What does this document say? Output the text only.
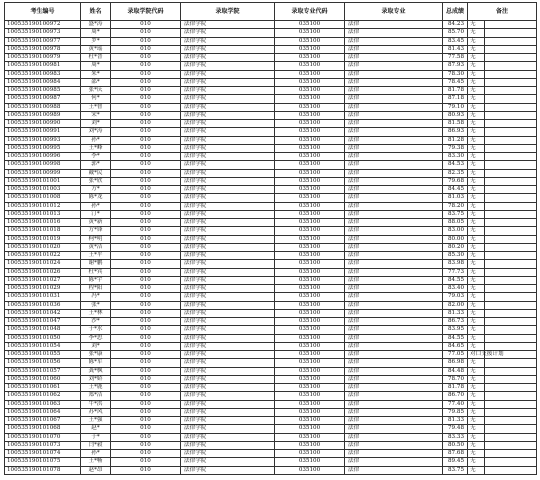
考生编号	姓名	录取学院代码	录取学院	录取专业代码	录取专业	总成绩	备注	
100535190100972	盛*涛	010	法律学院	035100	法律	84.23	无	
100535190100973	周*	010	法律学院	035100	法律	85.70	无	
100535190100977	罗*	010	法律学院	035100	法律	83.45	无	
100535190100978	黄*瑶	010	法律学院	035100	法律	81.43	无	
100535190100979	杜*晋	010	法律学院	035100	法律	77.58	无	
100535190100981	周*	010	法律学院	035100	法律	87.93	无	
100535190100983	朱*	010	法律学院	035100	法律	78.30	无	
100535190100984	邵*	010	法律学院	035100	法律	78.45	无	
100535190100985	张*庆	010	法律学院	035100	法律	81.78	无	
100535190100987	何*	010	法律学院	035100	法律	87.18	无	
100535190100988	王*智	010	法律学院	035100	法律	79.10	无	
100535190100989	宋*	010	法律学院	035100	法律	80.93	无	
100535190100990	刘*	010	法律学院	035100	法律	81.58	无	
100535190100991	刘*涛	010	法律学院	035100	法律	86.93	无	
100535190100993	孙*	010	法律学院	035100	法律	81.28	无	
100535190100995	王*峰	010	法律学院	035100	法律	79.38	无	
100535190100996	李*	010	法律学院	035100	法律	83.30	无	
100535190100998	郭*	010	法律学院	035100	法律	84.53	无	
100535190100999	戴*民	010	法律学院	035100	法律	82.35	无	
100535190101001	张*欣	010	法律学院	035100	法律	79.68	无	
100535190101003	方*	010	法律学院	035100	法律	84.45	无	
100535190101008	陈*龙	010	法律学院	035100	法律	81.03	无	
100535190101012	孙*	010	法律学院	035100	法律	78.20	无	
100535190101013	汀*	010	法律学院	035100	法律	83.75	无	
100535190101016	黄*新	010	法律学院	035100	法律	88.05	无	
100535190101018	方*锋	010	法律学院	035100	法律	83.00	无	
100535190101019	柯*明	010	法律学院	035100	法律	80.00	无	
100535190101020	黄*洁	010	法律学院	035100	法律	80.20	无	
100535190101022	王*平	010	法律学院	035100	法律	85.30	无	
100535190101024	谢*鹏	010	法律学院	035100	法律	83.98	无	
100535190101026	杜*宾	010	法律学院	035100	法律	77.73	无	
100535190101027	陈*宇	010	法律学院	035100	法律	84.55	无	
100535190101029	程*阳	010	法律学院	035100	法律	83.40	无	
100535190101031	冯*	010	法律学院	035100	法律	79.03	无	
100535190101036	张*	010	法律学院	035100	法律	82.00	无	
100535190101042	王*林	010	法律学院	035100	法律	81.33	无	
100535190101047	沙*	010	法律学院	035100	法律	86.73	无	
100535190101048	于*水	010	法律学院	035100	法律	83.95	无	
100535190101050	李*思	010	法律学院	035100	法律	84.55	无	
100535190101054	刘*	010	法律学院	035100	法律	84.65	无	
100535190101055	张*康	010	法律学院	035100	法律	77.05	对口支援计划	
100535190101056	陈*军	010	法律学院	035100	法律	86.98	无	
100535190101057	龚*枫	010	法律学院	035100	法律	84.48	无	
100535190101060	刘*娇	010	法律学院	035100	法律	78.70	无	
100535190101061	王*鹿	010	法律学院	035100	法律	81.78	无	
100535190101062	郑*洁	010	法律学院	035100	法律	86.70	无	
100535190101063	牛*洪	010	法律学院	035100	法律	77.40	无	
100535190101064	苏*风	010	法律学院	035100	法律	79.85	无	
100535190101067	王*强	010	法律学院	035100	法律	81.33	无	
100535190101068	赵*	010	法律学院	035100	法律	79.48	无	
100535190101070	于*	010	法律学院	035100	法律	83.33	无	
100535190101073	闫*毅	010	法律学院	035100	法律	80.50	无	
100535190101074	孙*	010	法律学院	035100	法律	87.68	无	
100535190101075	王*畅	010	法律学院	035100	法律	89.45	无	
100535190101078	赵*昂	010	法律学院	035100	法律	83.75	无	
